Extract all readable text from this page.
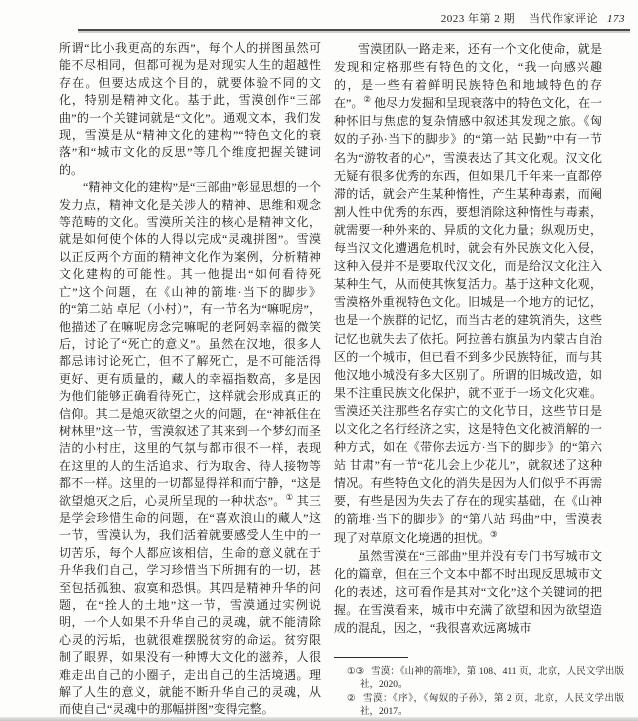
2023 年第 2 期 当代作家评论 173

所谓“比小我更高的东西”，每个人的拼图虽然可能不尽相同，但都可视为是对现实人生的超越性存在。但要达成这个目的，就要体验不同的文化，特别是精神文化。基于此，雪漠创作“三部曲”的一个关键词就是“文化”。通观文本，我们发现，雪漠是从“精神文化的建构”“特色文化的衰落”和“城市文化的反思”等几个维度把握关键词的。

“精神文化的建构”是“三部曲”彰显思想的一个发力点，精神文化是关涉人的精神、思维和观念等范畴的文化。雪漠所关注的核心是精神文化，就是如何使个体的人得以完成“灵魂拼图”。雪漠以正反两个方面的精神文化作为案例，分析精神文化建构的可能性。其一他提出“如何看待死亡”这个问题，在《山神的箭堆·当下的脚步》的“第二站 卓尼（小村）”，有一节名为“嘛呢房”，他描述了在嘛呢房念完嘛呢的老阿妈幸福的微笑后，讨论了“死亡的意义”。虽然在汉地，很多人都忌讳讨论死亡，但不了解死亡，是不可能活得更好、更有质量的，藏人的幸福指数高，多是因为他们能够正确看待死亡，这样就会形成真正的信仰。其二是熄灭欲望之火的问题，在“神祇住在树林里”这一节，雪漠叙述了其来到一个梦幻而圣洁的小村庄，这里的气氛与都市很不一样，表现在这里的人的生活追求、行为取舍、待人接物等都不一样。这里的一切都显得祥和而宁静，“这是欲望熄灭之后，心灵所呈现的一种状态”。① 其三是学会珍惜生命的问题，在“喜欢浪山的藏人”这一节，雪漠认为，我们活着就要感受人生中的一切苦乐，每个人都应该相信，生命的意义就在于升华我们自己，学习珍惜当下所拥有的一切，甚至包括孤独、寂寞和恐惧。其四是精神升华的问题，在“拴人的土地”这一节，雪漠通过实例说明，一个人如果不升华自己的灵魂，就不能清除心灵的污垢，也就很难摆脱贫穷的命运。贫穷限制了眼界，如果没有一种博大文化的滋养，人很难走出自己的小圈子，走出自己的生活境遇。理解了人生的意义，就能不断升华自己的灵魂，从而使自己“灵魂中的那幅拼图”变得完整。

雪漠团队一路走来，还有一个文化使命，就是发现和定格那些有特色的文化，“我一向感兴趣的，是一些有着鲜明民族特色和地域特色的存在”。② 他尽力发掘和呈现衰落中的特色文化，在一种怀旧与焦虑的复杂情感中叙述其发现之旅。《匈奴的子孙·当下的脚步》的“第一站 民勤”中有一节名为“游牧者的心”，雪漠表达了其文化观。汉文化无疑有很多优秀的东西，但如果几千年来一直都停滞的话，就会产生某种惰性，产生某种毒素，而阉割人性中优秀的东西，要想消除这种惰性与毒素，就需要一种外来的、异质的文化力量；纵观历史，每当汉文化遭遇危机时，就会有外民族文化入侵，这种入侵并不是要取代汉文化，而是给汉文化注入某种生气，从而使其恢复活力。基于这种文化观，雪漠格外重视特色文化。旧城是一个地方的记忆，也是一个族群的记忆，而当古老的建筑消失，这些记忆也就失去了依托。阿拉善右旗虽为内蒙古自治区的一个城市，但已看不到多少民族特征，而与其他汉地小城没有多大区别了。所谓的旧城改造，如果不注重民族文化保护，就不亚于一场文化灾难。雪漠还关注那些名存实亡的文化节日，这些节日是以文化之名行经济之实，这是特色文化被消解的一种方式，如在《带你去远方·当下的脚步》的“第六站 甘肃”有一节“花儿会上少花儿”，就叙述了这种情况。有些特色文化的消失是因为人们似乎不再需要，有些是因为失去了存在的现实基础，在《山神的箭堆·当下的脚步》的“第八站 玛曲”中，雪漠表现了对草原文化境遇的担忧。③

虽然雪漠在“三部曲”里并没有专门书写城市文化的篇章，但在三个文本中都不时出现反思城市文化的表述，这可看作是其对“文化”这个关键词的把握。在雪漠看来，城市中充满了欲望和因为欲望造成的混乱，因之，“我很喜欢远离城市

①③ 雪漠：《山神的箭堆》，第 108、411 页，北京，人民文学出版社，2020。

② 雪漠：《序》，《匈奴的子孙》，第 2 页，北京，人民文学出版社，2017。
